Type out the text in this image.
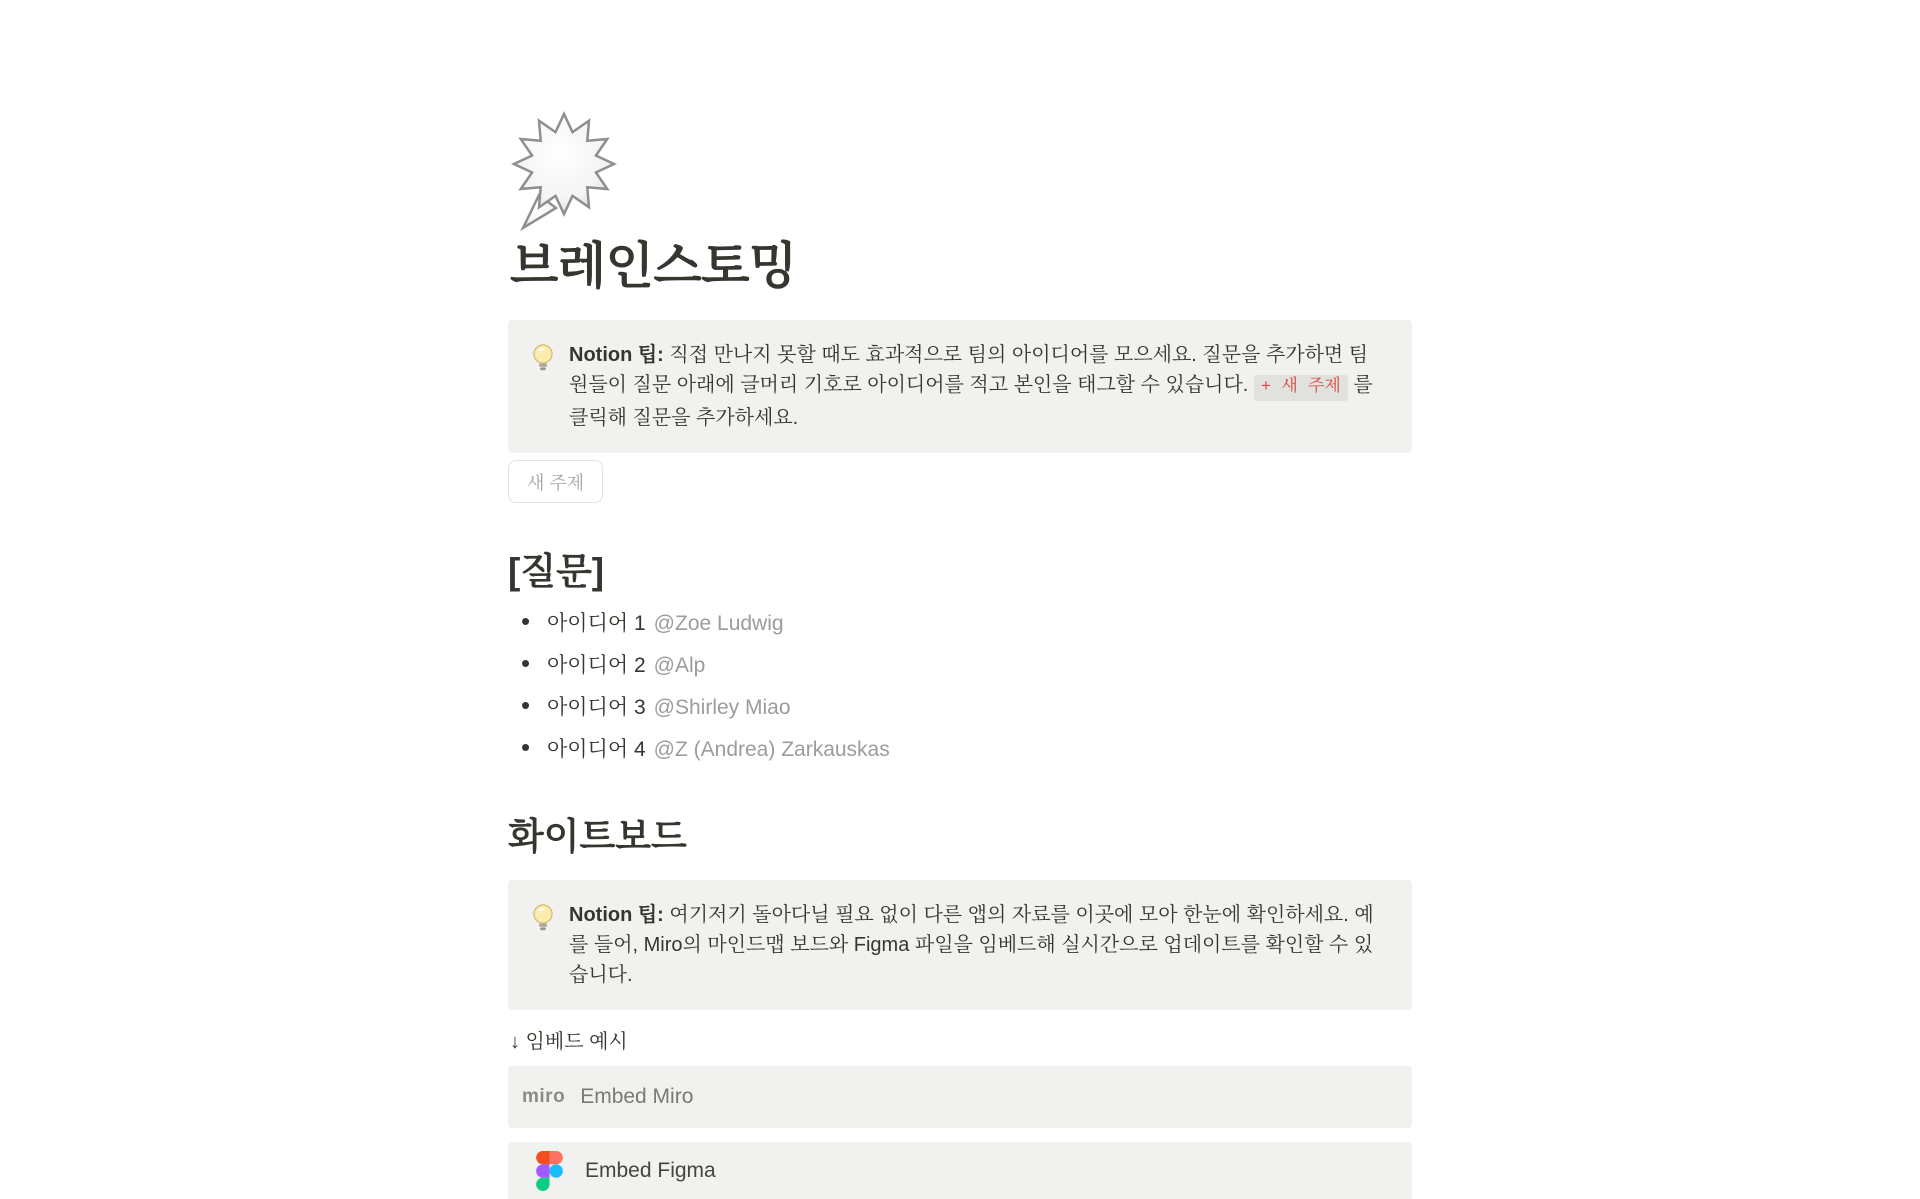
브레인스토밍

Notion 팁: 직접 만나지 못할 때도 효과적으로 팀의 아이디어를 모으세요. 질문을 추가하면 팀원들이 질문 아래에 글머리 기호로 아이디어를 적고 본인을 태그할 수 있습니다. + 새 주제 를 클릭해 질문을 추가하세요.

새 주제
[질문]
• 아이디어 1 @Zoe Ludwig
• 아이디어 2 @Alp
• 아이디어 3 @Shirley Miao
• 아이디어 4 @Z (Andrea) Zarkauskas
화이트보드

Notion 팁: 여기저기 돌아다닐 필요 없이 다른 앱의 자료를 이곳에 모아 한눈에 확인하세요. 예를 들어, Miro의 마인드맵 보드와 Figma 파일을 임베드해 실시간으로 업데이트를 확인할 수 있습니다.

↓ 임베드 예시
miro Embed Miro
Embed Figma
